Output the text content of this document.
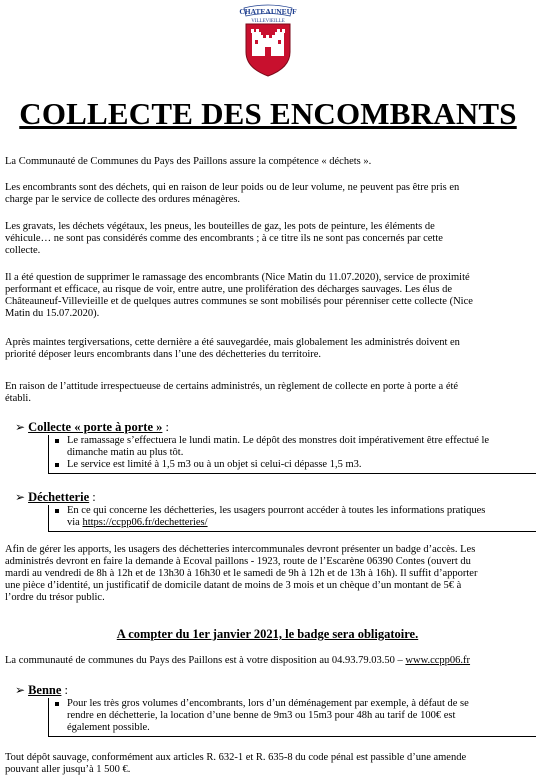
CHATEAUNEUF
VILLEVIEILLE
COLLECTE DES ENCOMBRANTS
La Communauté de Communes du Pays des Paillons assure la compétence « déchets ».
Les encombrants sont des déchets, qui en raison de leur poids ou de leur volume, ne peuvent pas être pris en
charge par le service de collecte des ordures ménagères.
Les gravats, les déchets végétaux, les pneus, les bouteilles de gaz, les pots de peinture, les éléments de
véhicule… ne sont pas considérés comme des encombrants ; à ce titre ils ne sont pas concernés par cette
collecte.
Il a été question de supprimer le ramassage des encombrants (Nice Matin du 11.07.2020), service de proximité
performant et efficace, au risque de voir, entre autre, une prolifération des décharges sauvages. Les élus de
Châteauneuf-Villevieille et de quelques autres communes se sont mobilisés pour pérenniser cette collecte (Nice
Matin du 15.07.2020).
Après maintes tergiversations, cette dernière a été sauvegardée, mais globalement les administrés doivent en
priorité déposer leurs encombrants dans l’une des déchetteries du territoire.
En raison de l’attitude irrespectueuse de certains administrés, un règlement de collecte en porte à porte a été
établi.
➢ Collecte « porte à porte » :
Le ramassage s’effectuera le lundi matin. Le dépôt des monstres doit impérativement être effectué le
dimanche matin au plus tôt.
Le service est limité à 1,5 m3 ou à un objet si celui-ci dépasse 1,5 m3.
➢ Déchetterie :
En ce qui concerne les déchetteries, les usagers pourront accéder à toutes les informations pratiques
via https://ccpp06.fr/dechetteries/
Afin de gérer les apports, les usagers des déchetteries intercommunales devront présenter un badge d’accès. Les
administrés devront en faire la demande à Ecoval paillons - 1923, route de l’Escarène 06390 Contes (ouvert du
mardi au vendredi de 8h à 12h et de 13h30 à 16h30 et le samedi de 9h à 12h et de 13h à 16h). Il suffit d’apporter
une pièce d’identité, un justificatif de domicile datant de moins de 3 mois et un chèque d’un montant de 5€ à
l’ordre du trésor public.
A compter du 1er janvier 2021, le badge sera obligatoire.
La communauté de communes du Pays des Paillons est à votre disposition au 04.93.79.03.50 – www.ccpp06.fr
➢ Benne :
Pour les très gros volumes d’encombrants, lors d’un déménagement par exemple, à défaut de se
rendre en déchetterie, la location d’une benne de 9m3 ou 15m3 pour 48h au tarif de 100€ est
également possible.
Tout dépôt sauvage, conformément aux articles R. 632-1 et R. 635-8 du code pénal est passible d’une amende
pouvant aller jusqu’à 1 500 €.
